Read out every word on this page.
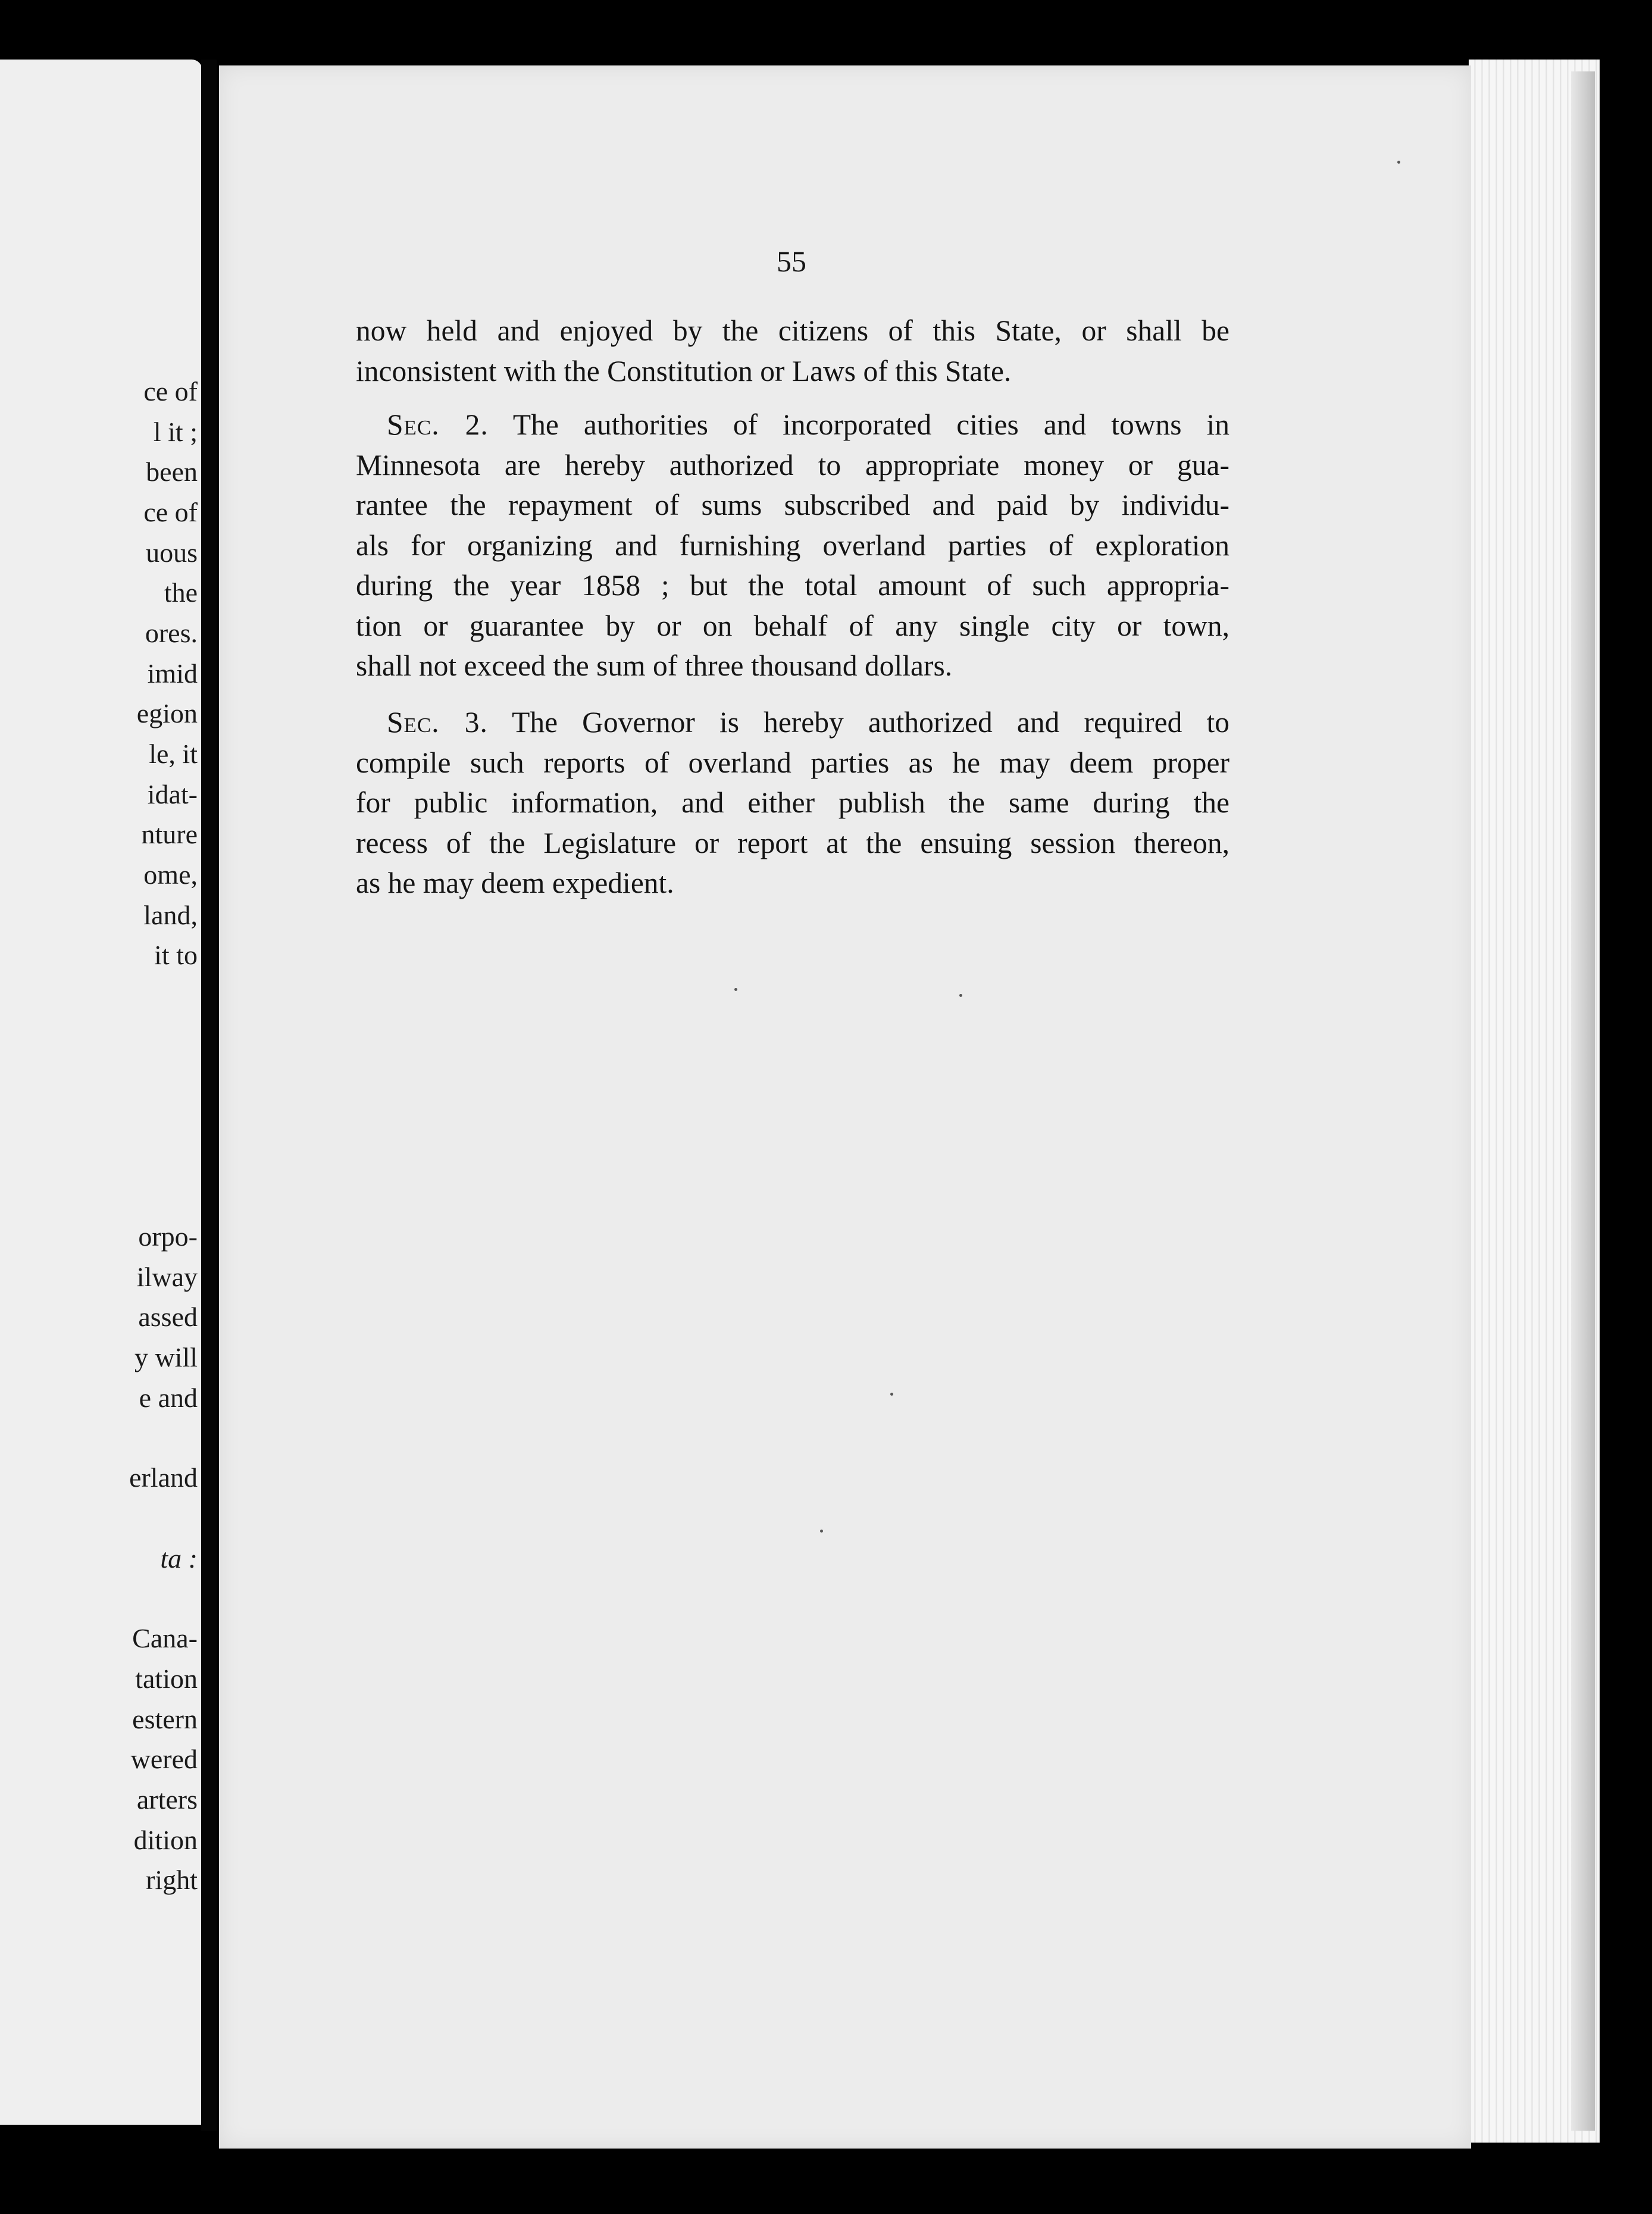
ce of
l it ;
been
ce of
uous
the
ores.
imid
egion
le, it
idat-
nture
ome,
land,
it to
orpo-
ilway
assed
y will
e and
erland
ta :
Cana-
tation
estern
wered
arters
dition
right
55

now held and enjoyed by the citizens of this State, or shall be
inconsistent with the Constitution or Laws of this State.

Sec. 2. The authorities of incorporated cities and towns in
Minnesota are hereby authorized to appropriate money or gua-
rantee the repayment of sums subscribed and paid by individu-
als for organizing and furnishing overland parties of exploration
during the year 1858 ; but the total amount of such appropria-
tion or guarantee by or on behalf of any single city or town,
shall not exceed the sum of three thousand dollars.

Sec. 3. The Governor is hereby authorized and required to
compile such reports of overland parties as he may deem proper
for public information, and either publish the same during the
recess of the Legislature or report at the ensuing session thereon,
as he may deem expedient.
